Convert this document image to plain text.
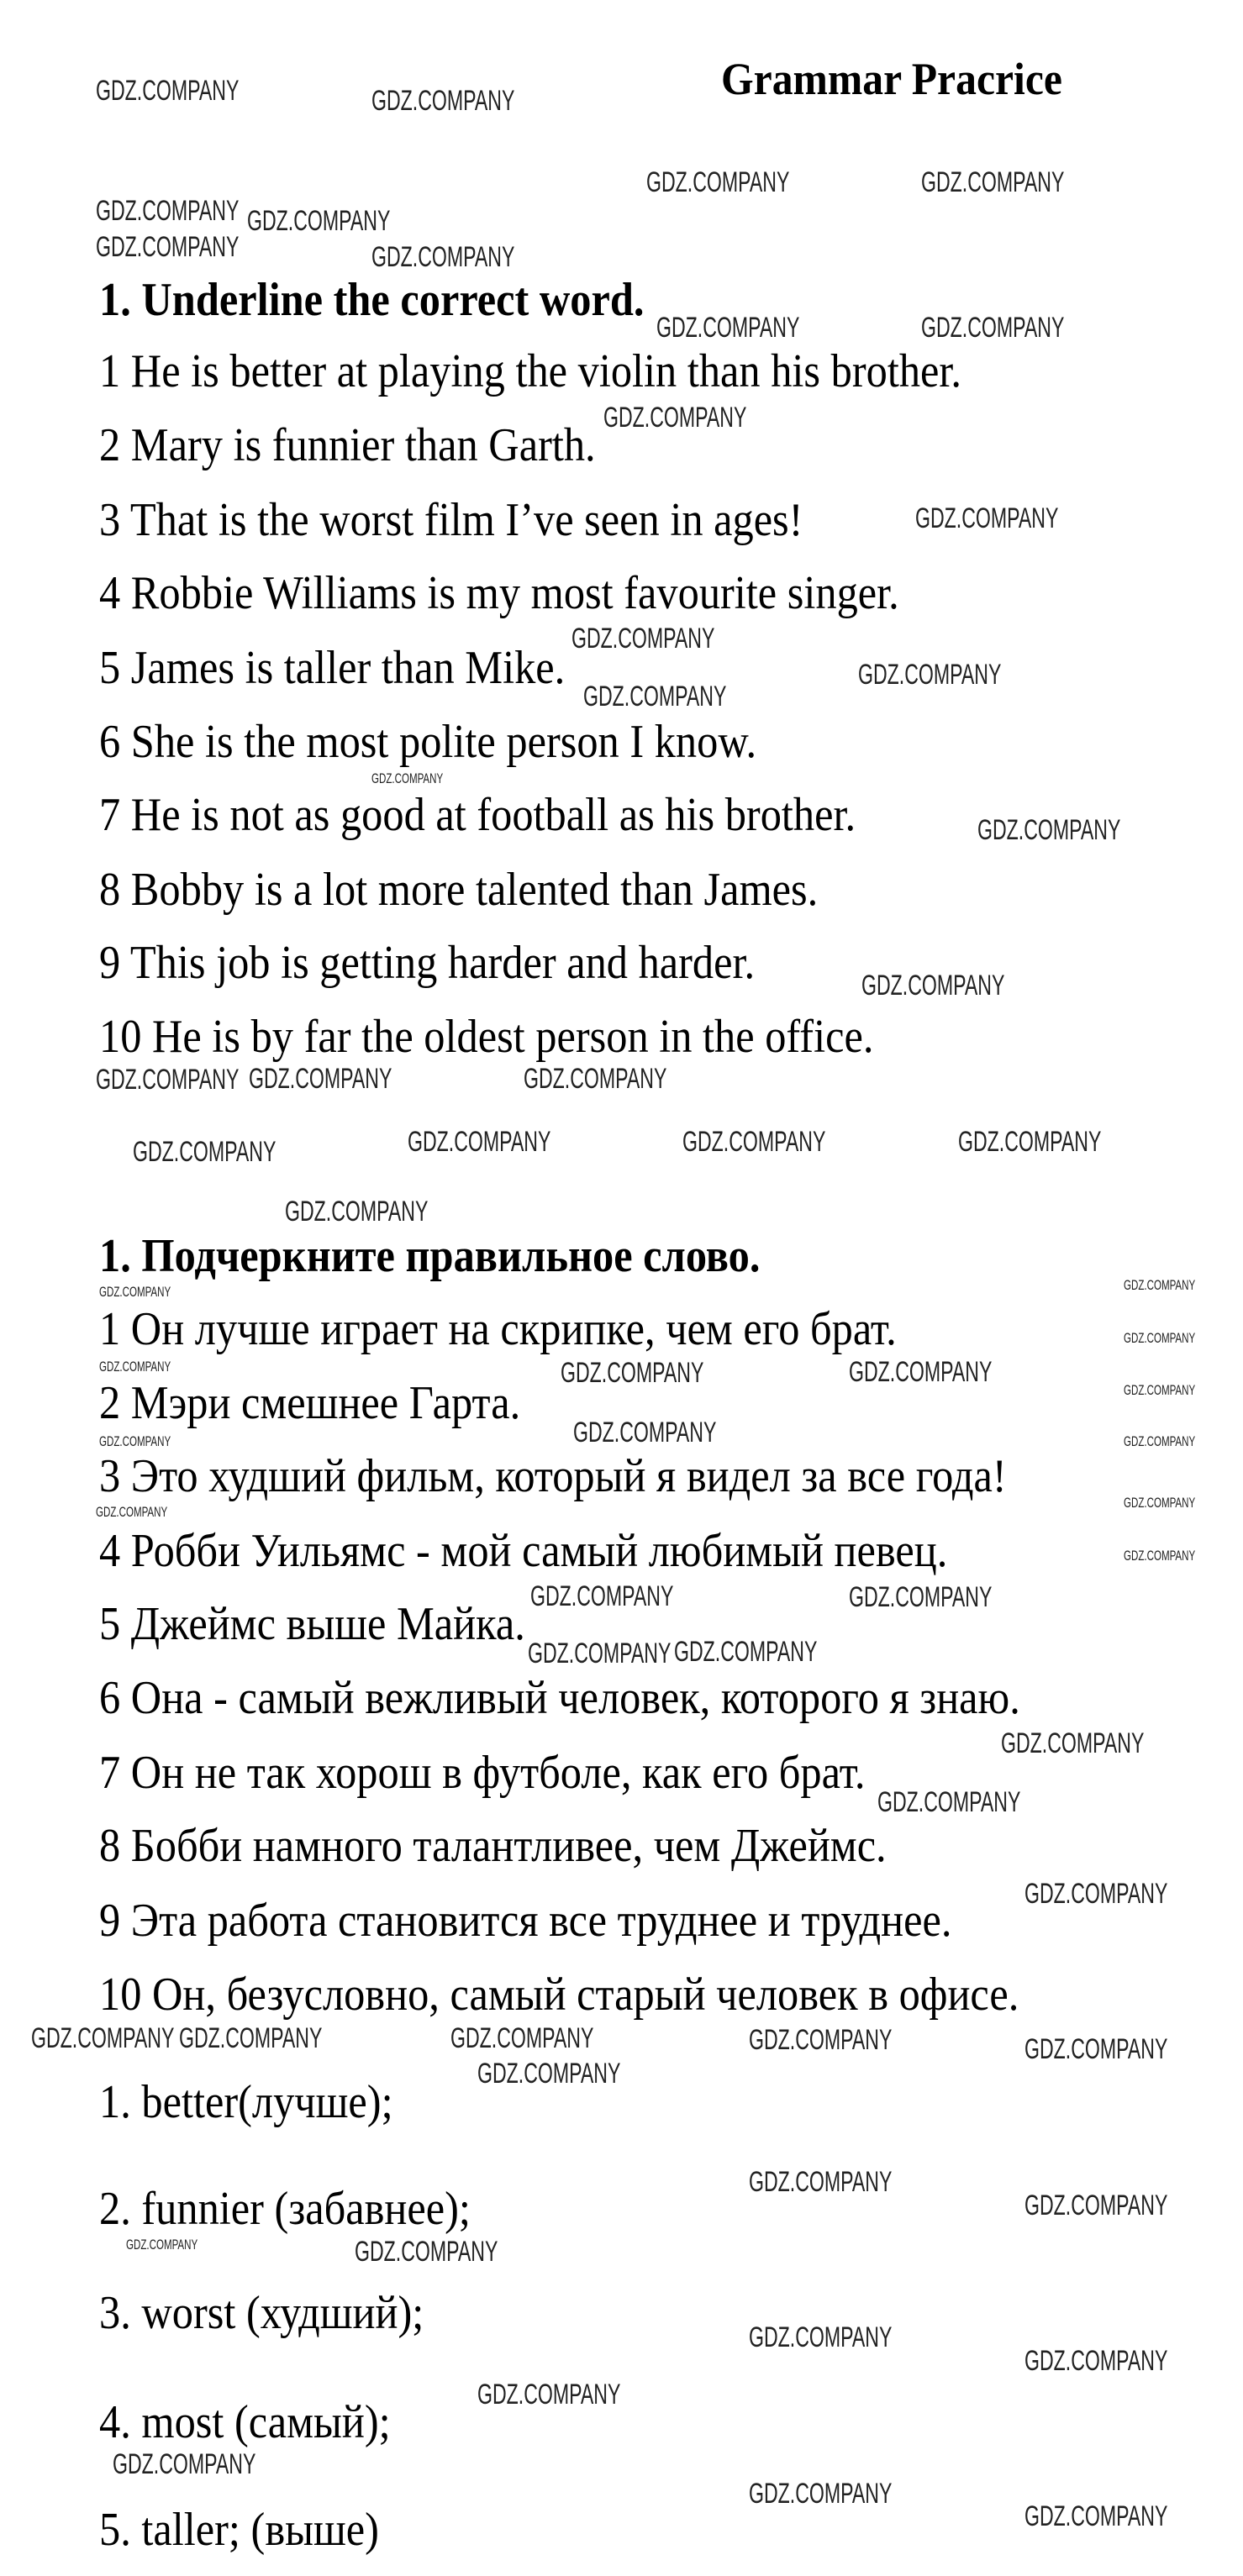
Grammar Pracrice
1. Underline the correct word.
1 He is better at playing the violin than his brother.
2 Mary is funnier than Garth.
3 That is the worst film I’ve seen in ages!
4 Robbie Williams is my most favourite singer.
5 James is taller than Mike.
6 She is the most polite person I know.
7 He is not as good at football as his brother.
8 Bobby is a lot more talented than James.
9 This job is getting harder and harder.
10 He is by far the oldest person in the office.
1. Подчеркните правильное слово.
1 Он лучше играет на скрипке, чем его брат.
2 Мэри смешнее Гарта.
3 Это худший фильм, который я видел за все года!
4 Робби Уильямс - мой самый любимый певец.
5 Джеймс выше Майка.
6 Она - самый вежливый человек, которого я знаю.
7 Он не так хорош в футболе, как его брат.
8 Бобби намного талантливее, чем Джеймс.
9 Эта работа становится все труднее и труднее.
10 Он, безусловно, самый старый человек в офисе.
1. better(лучше);
2. funnier (забавнее);
3. worst (худший);
4. most (самый);
5. taller; (выше)
GDZ.COMPANY	GDZ.COMPANY
GDZ.COMPANY	GDZ.COMPANY
GDZ.COMPANY	GDZ.COMPANY
GDZ.COMPANY	GDZ.COMPANY
GDZ.COMPANY
GDZ.COMPANY
GDZ.COMPANY
GDZ.COMPANY
GDZ.COMPANY
GDZ.COMPANY
GDZ.COMPANY
GDZ.COMPANY
GDZ.COMPANY
GDZ.COMPANY
GDZ.COMPANY	GDZ.COMPANY
GDZ.COMPANY
GDZ.COMPANY	GDZ.COMPANY	GDZ.COMPANY	GDZ.COMPANY
GDZ.COMPANY
GDZ.COMPANY
GDZ.COMPANY	GDZ.COMPANY
GDZ.COMPANY
GDZ.COMPANY	GDZ.COMPANY
GDZ.COMPANY
GDZ.COMPANY	GDZ.COMPANY
GDZ.COMPANY GDZ.COMPANY
GDZ.COMPANY
GDZ.COMPANY
GDZ.COMPANY	GDZ.COMPANY
GDZ.COMPANY
GDZ.COMPANY
GDZ.COMPANY
GDZ.COMPANY	GDZ.COMPANY
GDZ.COMPANY
GDZ.COMPANY
GDZ.COMPANY	GDZ.COMPANY
GDZ.COMPANY
GDZ.COMPANY
GDZ.COMPANY
GDZ.COMPANY
GDZ.COMPANY
GDZ.COMPANY
GDZ.COMPANY
GDZ.COMPANY
GDZ.COMPANY
GDZ.COMPANY
GDZ.COMPANY
GDZ.COMPANY
